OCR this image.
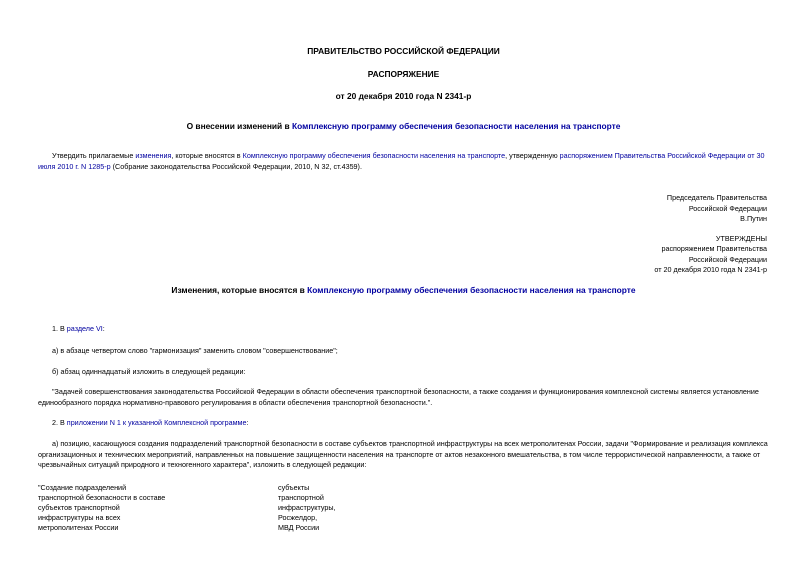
ПРАВИТЕЛЬСТВО РОССИЙСКОЙ ФЕДЕРАЦИИ
РАСПОРЯЖЕНИЕ
от 20 декабря 2010 года N 2341-р
О внесении изменений в Комплексную программу обеспечения безопасности населения на транспорте
Утвердить прилагаемые изменения, которые вносятся в Комплексную программу обеспечения безопасности населения на транспорте, утвержденную распоряжением Правительства Российской Федерации от 30
июля 2010 г. N 1285-р (Собрание законодательства Российской Федерации, 2010, N 32, ст.4359).
Председатель Правительства
Российской Федерации
В.Путин
УТВЕРЖДЕНЫ
распоряжением Правительства
Российской Федерации
от 20 декабря 2010 года N 2341-р
Изменения, которые вносятся в Комплексную программу обеспечения безопасности населения на транспорте
1. В разделе VI:
а) в абзаце четвертом слово "гармонизация" заменить словом "совершенствование";
б) абзац одиннадцатый изложить в следующей редакции:
"Задачей совершенствования законодательства Российской Федерации в области обеспечения транспортной безопасности, а также создания и функционирования комплексной системы является установление
единообразного порядка нормативно-правового регулирования в области обеспечения транспортной безопасности.".
2. В приложении N 1 к указанной Комплексной программе:
а) позицию, касающуюся создания подразделений транспортной безопасности в составе субъектов транспортной инфраструктуры на всех метрополитенах России, задачи "Формирование и реализация комплекса
организационных и технических мероприятий, направленных на повышение защищенности населения на транспорте от актов незаконного вмешательства, в том числе террористической направленности, а также от
чрезвычайных ситуаций природного и техногенного характера", изложить в следующей редакции:
"Создание подразделений
транспортной безопасности в составе
субъектов транспортной
инфраструктуры на всех
метрополитенах России
субъекты
транспортной
инфраструктуры,
Росжелдор,
МВД России
